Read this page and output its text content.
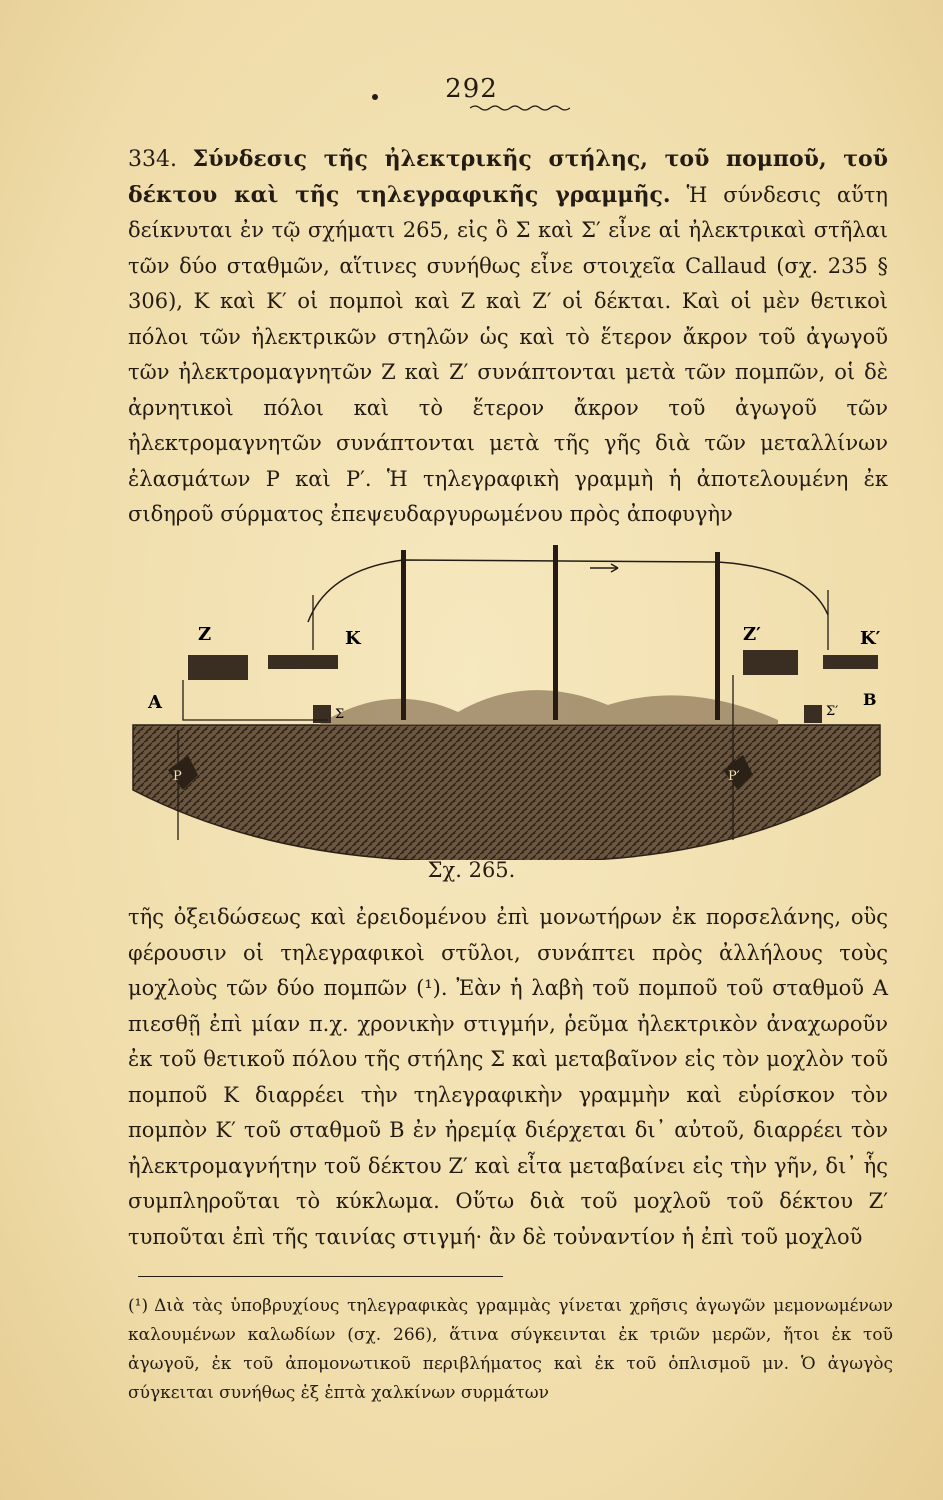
292

334. Σύνδεσις τῆς ἠλεκτρικῆς στήλης, τοῦ πομποῦ, τοῦ δέκτου καὶ τῆς τηλεγραφικῆς γραμμῆς. Ἡ σύνδεσις αὕτη δείκνυται ἐν τῷ σχήματι 265, εἰς ὃ Σ καὶ Σ′ εἶνε αἱ ἠλεκτρικαὶ στῆλαι τῶν δύο σταθμῶν, αἵτινες συνήθως εἶνε στοιχεῖα Callaud (σχ. 235 § 306), Κ καὶ Κ′ οἱ πομποὶ καὶ Ζ καὶ Ζ′ οἱ δέκται. Καὶ οἱ μὲν θετικοὶ πόλοι τῶν ἠλεκτρικῶν στηλῶν ὡς καὶ τὸ ἕτερον ἄκρον τοῦ ἀγωγοῦ τῶν ἠλεκτρομαγνητῶν Ζ καὶ Ζ′ συνάπτονται μετὰ τῶν πομπῶν, οἱ δὲ ἀρνητικοὶ πόλοι καὶ τὸ ἕτερον ἄκρον τοῦ ἀγωγοῦ τῶν ἠλεκτρομαγνητῶν συνάπτονται μετὰ τῆς γῆς διὰ τῶν μεταλλίνων ἐλασμάτων Ρ καὶ Ρ′. Ἡ τηλεγραφικὴ γραμμὴ ἡ ἀποτελουμένη ἐκ σιδηροῦ σύρματος ἐπεψευδαργυρωμένου πρὸς ἀποφυγὴν

Z	K	Z′	K′
A	B
Σ	Σ′
P	P′
Σχ. 265.

τῆς ὀξειδώσεως καὶ ἐρειδομένου ἐπὶ μονωτήρων ἐκ πορσελάνης, οὓς φέρουσιν οἱ τηλεγραφικοὶ στῦλοι, συνάπτει πρὸς ἀλλήλους τοὺς μοχλοὺς τῶν δύο πομπῶν (¹). Ἐὰν ἡ λαβὴ τοῦ πομποῦ τοῦ σταθμοῦ Α πιεσθῇ ἐπὶ μίαν π.χ. χρονικὴν στιγμήν, ῥεῦμα ἠλεκτρικὸν ἀναχωροῦν ἐκ τοῦ θετικοῦ πόλου τῆς στήλης Σ καὶ μεταβαῖνον εἰς τὸν μοχλὸν τοῦ πομποῦ Κ διαρρέει τὴν τηλεγραφικὴν γραμμὴν καὶ εὑρίσκον τὸν πομπὸν Κ′ τοῦ σταθμοῦ Β ἐν ἠρεμίᾳ διέρχεται δι᾽ αὐτοῦ, διαρρέει τὸν ἠλεκτρομαγνήτην τοῦ δέκτου Ζ′ καὶ εἶτα μεταβαίνει εἰς τὴν γῆν, δι᾽ ἧς συμπληροῦται τὸ κύκλωμα. Οὕτω διὰ τοῦ μοχλοῦ τοῦ δέκτου Ζ′ τυποῦται ἐπὶ τῆς ταινίας στιγμή· ἂν δὲ τοὐναντίον ἡ ἐπὶ τοῦ μοχλοῦ

(¹) Διὰ τὰς ὑποβρυχίους τηλεγραφικὰς γραμμὰς γίνεται χρῆσις ἀγωγῶν μεμονωμένων καλουμένων καλωδίων (σχ. 266), ἅτινα σύγκεινται ἐκ τριῶν μερῶν, ἤτοι ἐκ τοῦ ἀγωγοῦ, ἐκ τοῦ ἀπομονωτικοῦ περιβλήματος καὶ ἐκ τοῦ ὁπλισμοῦ μν. Ὁ ἀγωγὸς σύγκειται συνήθως ἐξ ἑπτὰ χαλκίνων συρμάτων
